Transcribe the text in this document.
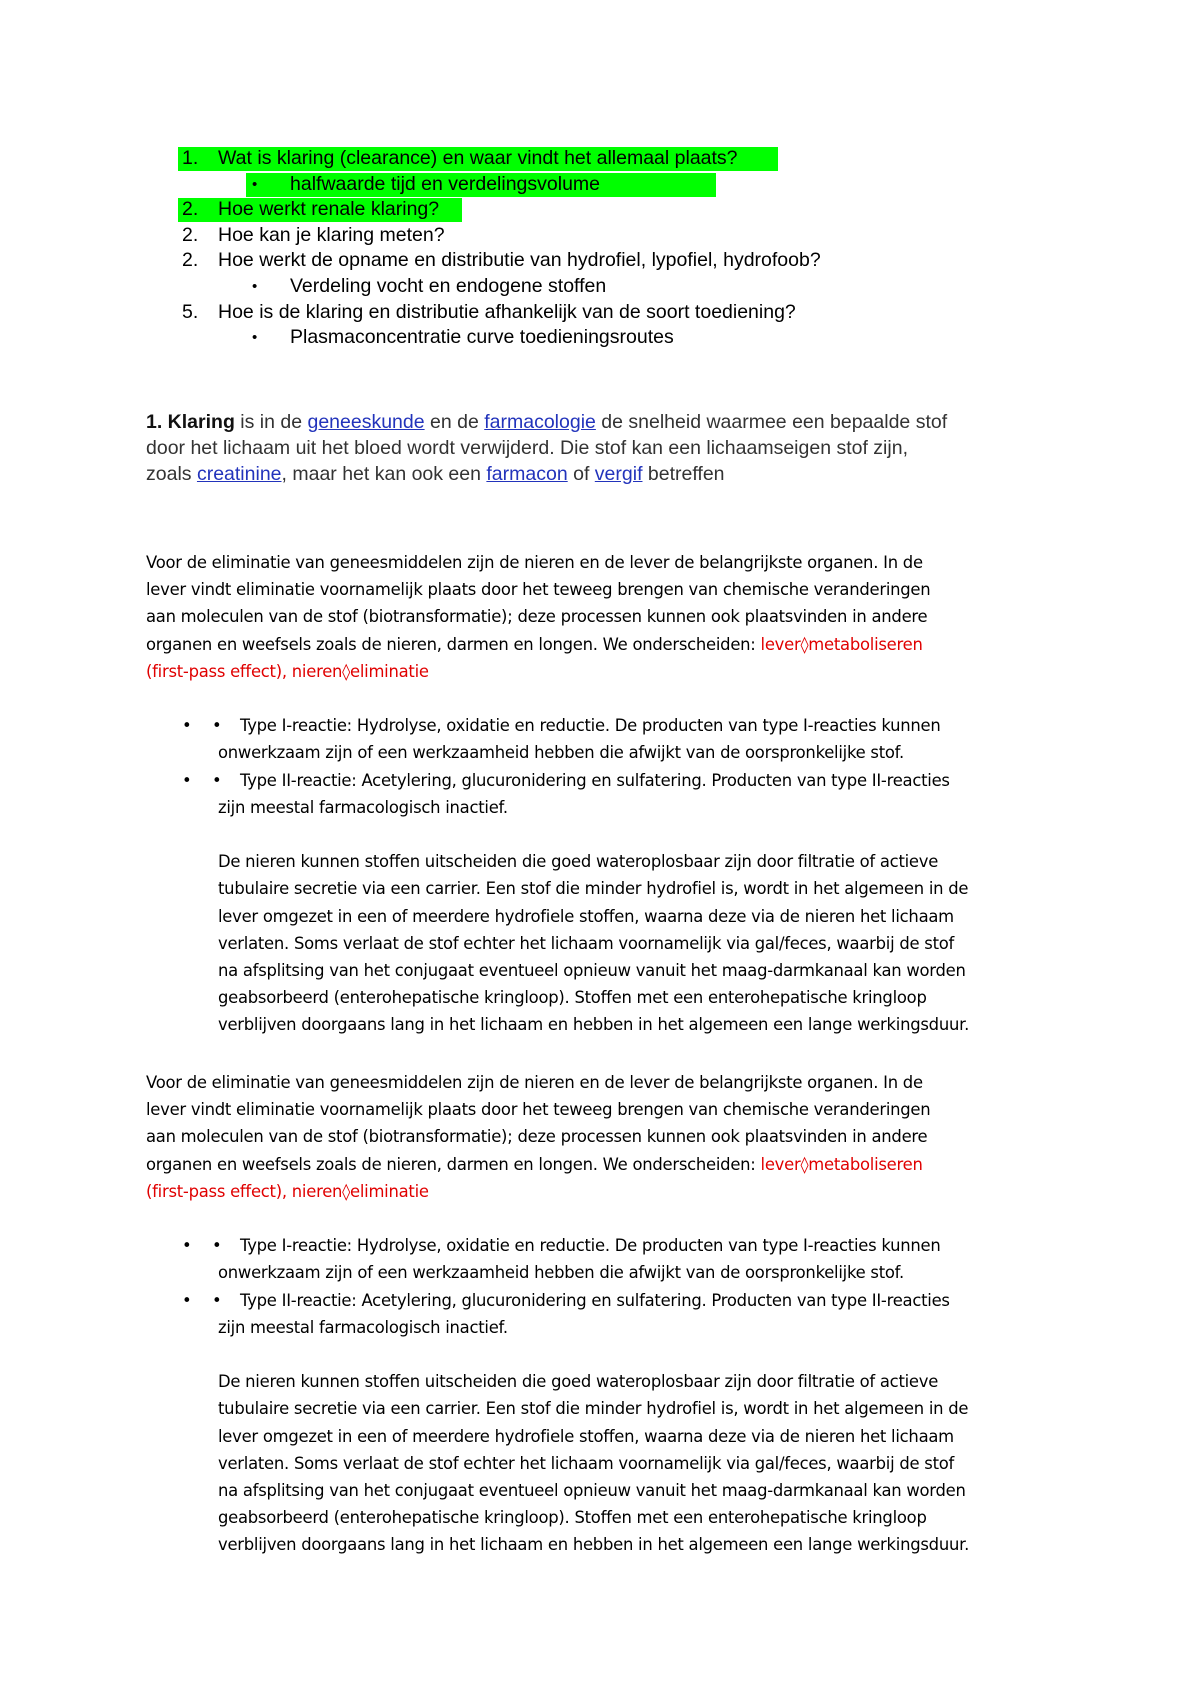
1.	Wat is klaring (clearance) en waar vindt het allemaal plaats?
• halfwaarde tijd en verdelingsvolume
2.	Hoe werkt renale klaring?
2.	Hoe kan je klaring meten?
2.	Hoe werkt de opname en distributie van hydrofiel, lypofiel, hydrofoob?
• Verdeling vocht en endogene stoffen
5.	Hoe is de klaring en distributie afhankelijk van de soort toediening?
• Plasmaconcentratie curve toedieningsroutes
1. Klaring is in de geneeskunde en de farmacologie de snelheid waarmee een bepaalde stof
door het lichaam uit het bloed wordt verwijderd. Die stof kan een lichaamseigen stof zijn,
zoals creatinine, maar het kan ook een farmacon of vergif betreffen

Voor de eliminatie van geneesmiddelen zijn de nieren en de lever de belangrijkste organen. In de
lever vindt eliminatie voornamelijk plaats door het teweeg brengen van chemische veranderingen
aan moleculen van de stof (biotransformatie); deze processen kunnen ook plaatsvinden in andere
organen en weefsels zoals de nieren, darmen en longen. We onderscheiden: lever◊metaboliseren
(first-pass effect), nieren◊eliminatie

• • Type I-reactie: Hydrolyse, oxidatie en reductie. De producten van type I-reacties kunnen
onwerkzaam zijn of een werkzaamheid hebben die afwijkt van de oorspronkelijke stof.
• • Type II-reactie: Acetylering, glucuronidering en sulfatering. Producten van type II-reacties
zijn meestal farmacologisch inactief.

De nieren kunnen stoffen uitscheiden die goed wateroplosbaar zijn door filtratie of actieve
tubulaire secretie via een carrier. Een stof die minder hydrofiel is, wordt in het algemeen in de
lever omgezet in een of meerdere hydrofiele stoffen, waarna deze via de nieren het lichaam
verlaten. Soms verlaat de stof echter het lichaam voornamelijk via gal/feces, waarbij de stof
na afsplitsing van het conjugaat eventueel opnieuw vanuit het maag-darmkanaal kan worden
geabsorbeerd (enterohepatische kringloop). Stoffen met een enterohepatische kringloop
verblijven doorgaans lang in het lichaam en hebben in het algemeen een lange werkingsduur.

Voor de eliminatie van geneesmiddelen zijn de nieren en de lever de belangrijkste organen. In de
lever vindt eliminatie voornamelijk plaats door het teweeg brengen van chemische veranderingen
aan moleculen van de stof (biotransformatie); deze processen kunnen ook plaatsvinden in andere
organen en weefsels zoals de nieren, darmen en longen. We onderscheiden: lever◊metaboliseren
(first-pass effect), nieren◊eliminatie

• • Type I-reactie: Hydrolyse, oxidatie en reductie. De producten van type I-reacties kunnen
onwerkzaam zijn of een werkzaamheid hebben die afwijkt van de oorspronkelijke stof.
• • Type II-reactie: Acetylering, glucuronidering en sulfatering. Producten van type II-reacties
zijn meestal farmacologisch inactief.

De nieren kunnen stoffen uitscheiden die goed wateroplosbaar zijn door filtratie of actieve
tubulaire secretie via een carrier. Een stof die minder hydrofiel is, wordt in het algemeen in de
lever omgezet in een of meerdere hydrofiele stoffen, waarna deze via de nieren het lichaam
verlaten. Soms verlaat de stof echter het lichaam voornamelijk via gal/feces, waarbij de stof
na afsplitsing van het conjugaat eventueel opnieuw vanuit het maag-darmkanaal kan worden
geabsorbeerd (enterohepatische kringloop). Stoffen met een enterohepatische kringloop
verblijven doorgaans lang in het lichaam en hebben in het algemeen een lange werkingsduur.
